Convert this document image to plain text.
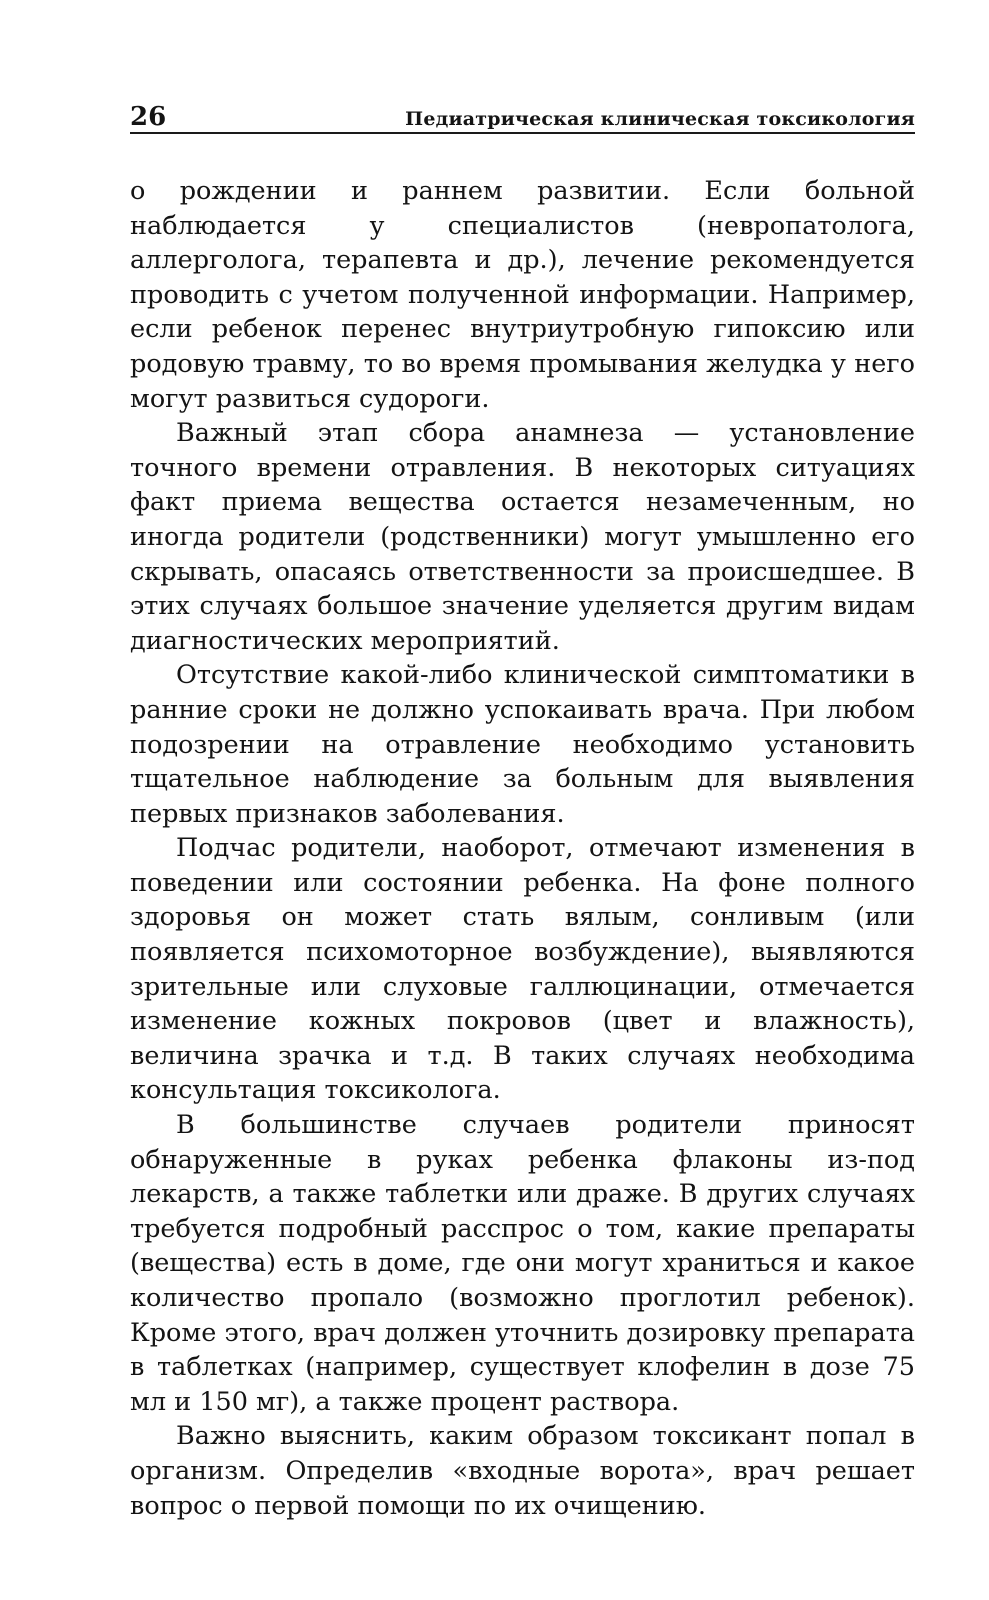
26	Педиатрическая клиническая токсикология

о рождении и раннем развитии. Если больной наблюдается у специалистов (невропатолога, аллерголога, терапевта и др.), лечение рекомендуется проводить с учетом полученной информации. Например, если ребенок перенес внутриутробную гипоксию или родовую травму, то во время промывания желудка у него могут развиться судороги.

Важный этап сбора анамнеза — установление точного времени отравления. В некоторых ситуациях факт приема вещества остается незамеченным, но иногда родители (родственники) могут умышленно его скрывать, опасаясь ответственности за происшедшее. В этих случаях большое значение уделяется другим видам диагностических мероприятий.

Отсутствие какой-либо клинической симптоматики в ранние сроки не должно успокаивать врача. При любом подозрении на отравление необходимо установить тщательное наблюдение за больным для выявления первых признаков заболевания.

Подчас родители, наоборот, отмечают изменения в поведении или состоянии ребенка. На фоне полного здоровья он может стать вялым, сонливым (или появляется психомоторное возбуждение), выявляются зрительные или слуховые галлюцинации, отмечается изменение кожных покровов (цвет и влажность), величина зрачка и т.д. В таких случаях необходима консультация токсиколога.

В большинстве случаев родители приносят обнаруженные в руках ребенка флаконы из-под лекарств, а также таблетки или драже. В других случаях требуется подробный расспрос о том, какие препараты (вещества) есть в доме, где они могут храниться и какое количество пропало (возможно проглотил ребенок). Кроме этого, врач должен уточнить дозировку препарата в таблетках (например, существует клофелин в дозе 75 мл и 150 мг), а также процент раствора.

Важно выяснить, каким образом токсикант попал в организм. Определив «входные ворота», врач решает вопрос о первой помощи по их очищению.
